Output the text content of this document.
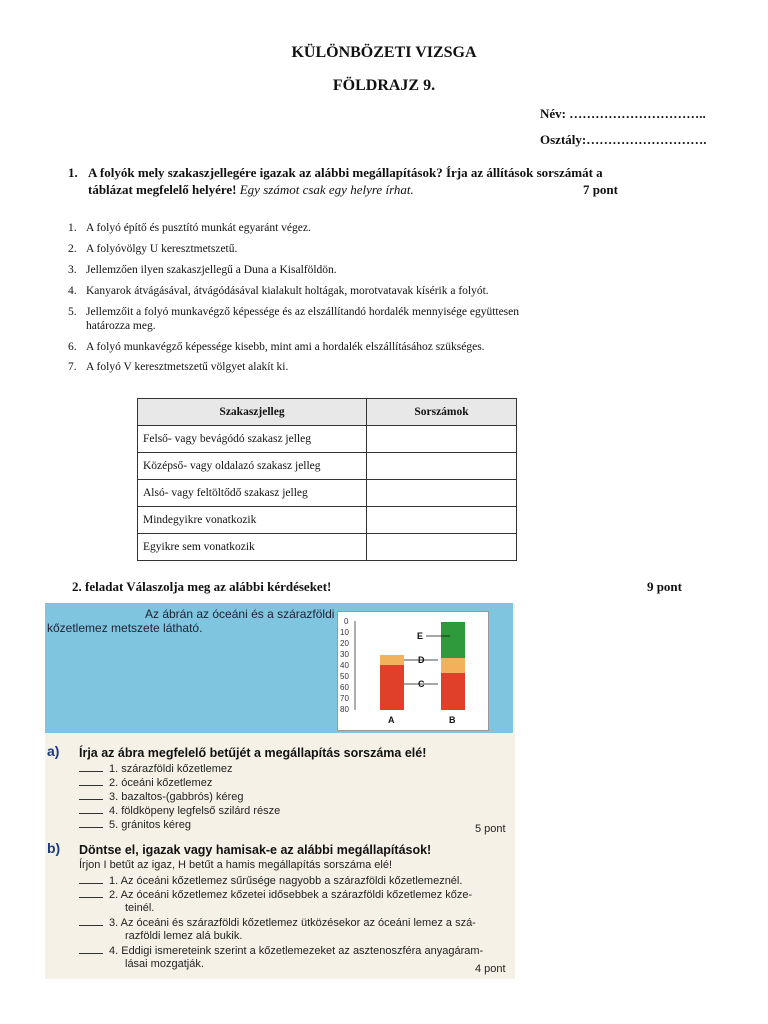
KÜLÖNBÖZETI VIZSGA
FÖLDRAJZ 9.
Név: …………………………..
Osztály:……………………….
1. A folyók mely szakaszjellegére igazak az alábbi megállapítások? Írja az állítások sorszámát a táblázat megfelelő helyére! Egy számot csak egy helyre írhat.	7 pont
1. A folyó építő és pusztító munkát egyaránt végez.
2. A folyóvölgy U keresztmetszetű.
3. Jellemzően ilyen szakaszjellegű a Duna a Kisalföldön.
4. Kanyarok átvágásával, átvágódásával kialakult holtágak, morotvatavak kísérik a folyót.
5. Jellemzőit a folyó munkavégző képessége és az elszállítandó hordalék mennyisége együttesen határozza meg.
6. A folyó munkavégző képessége kisebb, mint ami a hordalék elszállításához szükséges.
7. A folyó V keresztmetszetű völgyet alakít ki.
Szakaszjelleg	Sorszámok
Felső- vagy bevágódó szakasz jelleg	
Középső- vagy oldalazó szakasz jelleg	
Alsó- vagy feltöltődő szakasz jelleg	
Mindegyikre vonatkozik	
Egyikre sem vonatkozik	
2. feladat Válaszolja meg az alábbi kérdéseket!	9 pont
Az ábrán az óceáni és a szárazföldi
kőzetlemez metszete látható.	0
10
20
30
40
50
60
70
80
E
D
C
A	B
a) Írja az ábra megfelelő betűjét a megállapítás sorszáma elé!
1. szárazföldi kőzetlemez
2. óceáni kőzetlemez
3. bazaltos-(gabbrós) kéreg
4. földköpeny legfelső szilárd része
5. gránitos kéreg	5 pont
b) Döntse el, igazak vagy hamisak-e az alábbi megállapítások!
Írjon I betűt az igaz, H betűt a hamis megállapítás sorszáma elé!
1. Az óceáni kőzetlemez sűrűsége nagyobb a szárazföldi kőzetlemeznél.
2. Az óceáni kőzetlemez kőzetei idősebbek a szárazföldi kőzetlemez kőze-
teinél.
3. Az óceáni és szárazföldi kőzetlemez ütközésekor az óceáni lemez a szá-
razföldi lemez alá bukik.
4. Eddigi ismereteink szerint a kőzetlemezeket az asztenoszféra anyagáram-
lásai mozgatják.	4 pont
